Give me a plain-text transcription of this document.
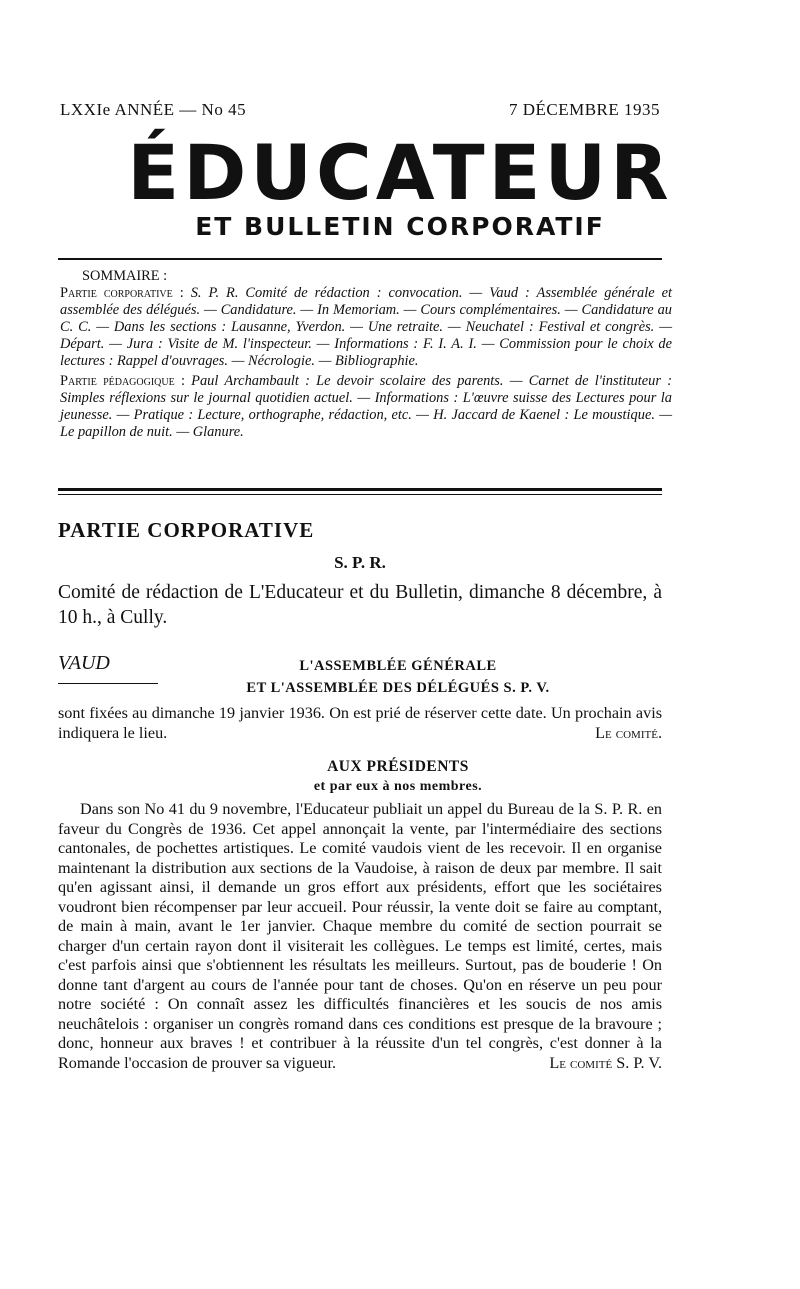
LXXIe ANNÉE — No 45	7 DÉCEMBRE 1935
ÉDUCATEUR
ET BULLETIN CORPORATIF

SOMMAIRE :

Partie corporative : S. P. R. Comité de rédaction : convocation. — Vaud : Assemblée générale et assemblée des délégués. — Candidature. — In Memoriam. — Cours complémentaires. — Candidature au C. C. — Dans les sections : Lausanne, Yverdon. — Une retraite. — Neuchatel : Festival et congrès. — Départ. — Jura : Visite de M. l'inspecteur. — Informations : F. I. A. I. — Commission pour le choix de lectures : Rappel d'ouvrages. — Nécrologie. — Bibliographie.

Partie pédagogique : Paul Archambault : Le devoir scolaire des parents. — Carnet de l'instituteur : Simples réflexions sur le journal quotidien actuel. — Informations : L'œuvre suisse des Lectures pour la jeunesse. — Pratique : Lecture, orthographe, rédaction, etc. — H. Jaccard de Kaenel : Le moustique. — Le papillon de nuit. — Glanure.

PARTIE CORPORATIVE
S. P. R.
Comité de rédaction de L'Educateur et du Bulletin, dimanche 8 décembre, à 10 h., à Cully.
VAUD	L'ASSEMBLÉE GÉNÉRALE
ET L'ASSEMBLÉE DES DÉLÉGUÉS S. P. V.

sont fixées au dimanche 19 janvier 1936. On est prié de réserver cette date. Un prochain avis indiquera le lieu.	Le comité.

AUX PRÉSIDENTS
et par eux à nos membres.

Dans son No 41 du 9 novembre, l'Educateur publiait un appel du Bureau de la S. P. R. en faveur du Congrès de 1936. Cet appel annonçait la vente, par l'intermédiaire des sections cantonales, de pochettes artistiques. Le comité vaudois vient de les recevoir. Il en organise maintenant la distribution aux sections de la Vaudoise, à raison de deux par membre. Il sait qu'en agissant ainsi, il demande un gros effort aux présidents, effort que les sociétaires voudront bien récompenser par leur accueil. Pour réussir, la vente doit se faire au comptant, de main à main, avant le 1er janvier. Chaque membre du comité de section pourrait se charger d'un certain rayon dont il visiterait les collègues. Le temps est limité, certes, mais c'est parfois ainsi que s'obtiennent les résultats les meilleurs. Surtout, pas de bouderie ! On donne tant d'argent au cours de l'année pour tant de choses. Qu'on en réserve un peu pour notre société : On connaît assez les difficultés financières et les soucis de nos amis neuchâtelois : organiser un congrès romand dans ces conditions est presque de la bravoure ; donc, honneur aux braves ! et contribuer à la réussite d'un tel congrès, c'est donner à la Romande l'occasion de prouver sa vigueur.	Le comité S. P. V.
